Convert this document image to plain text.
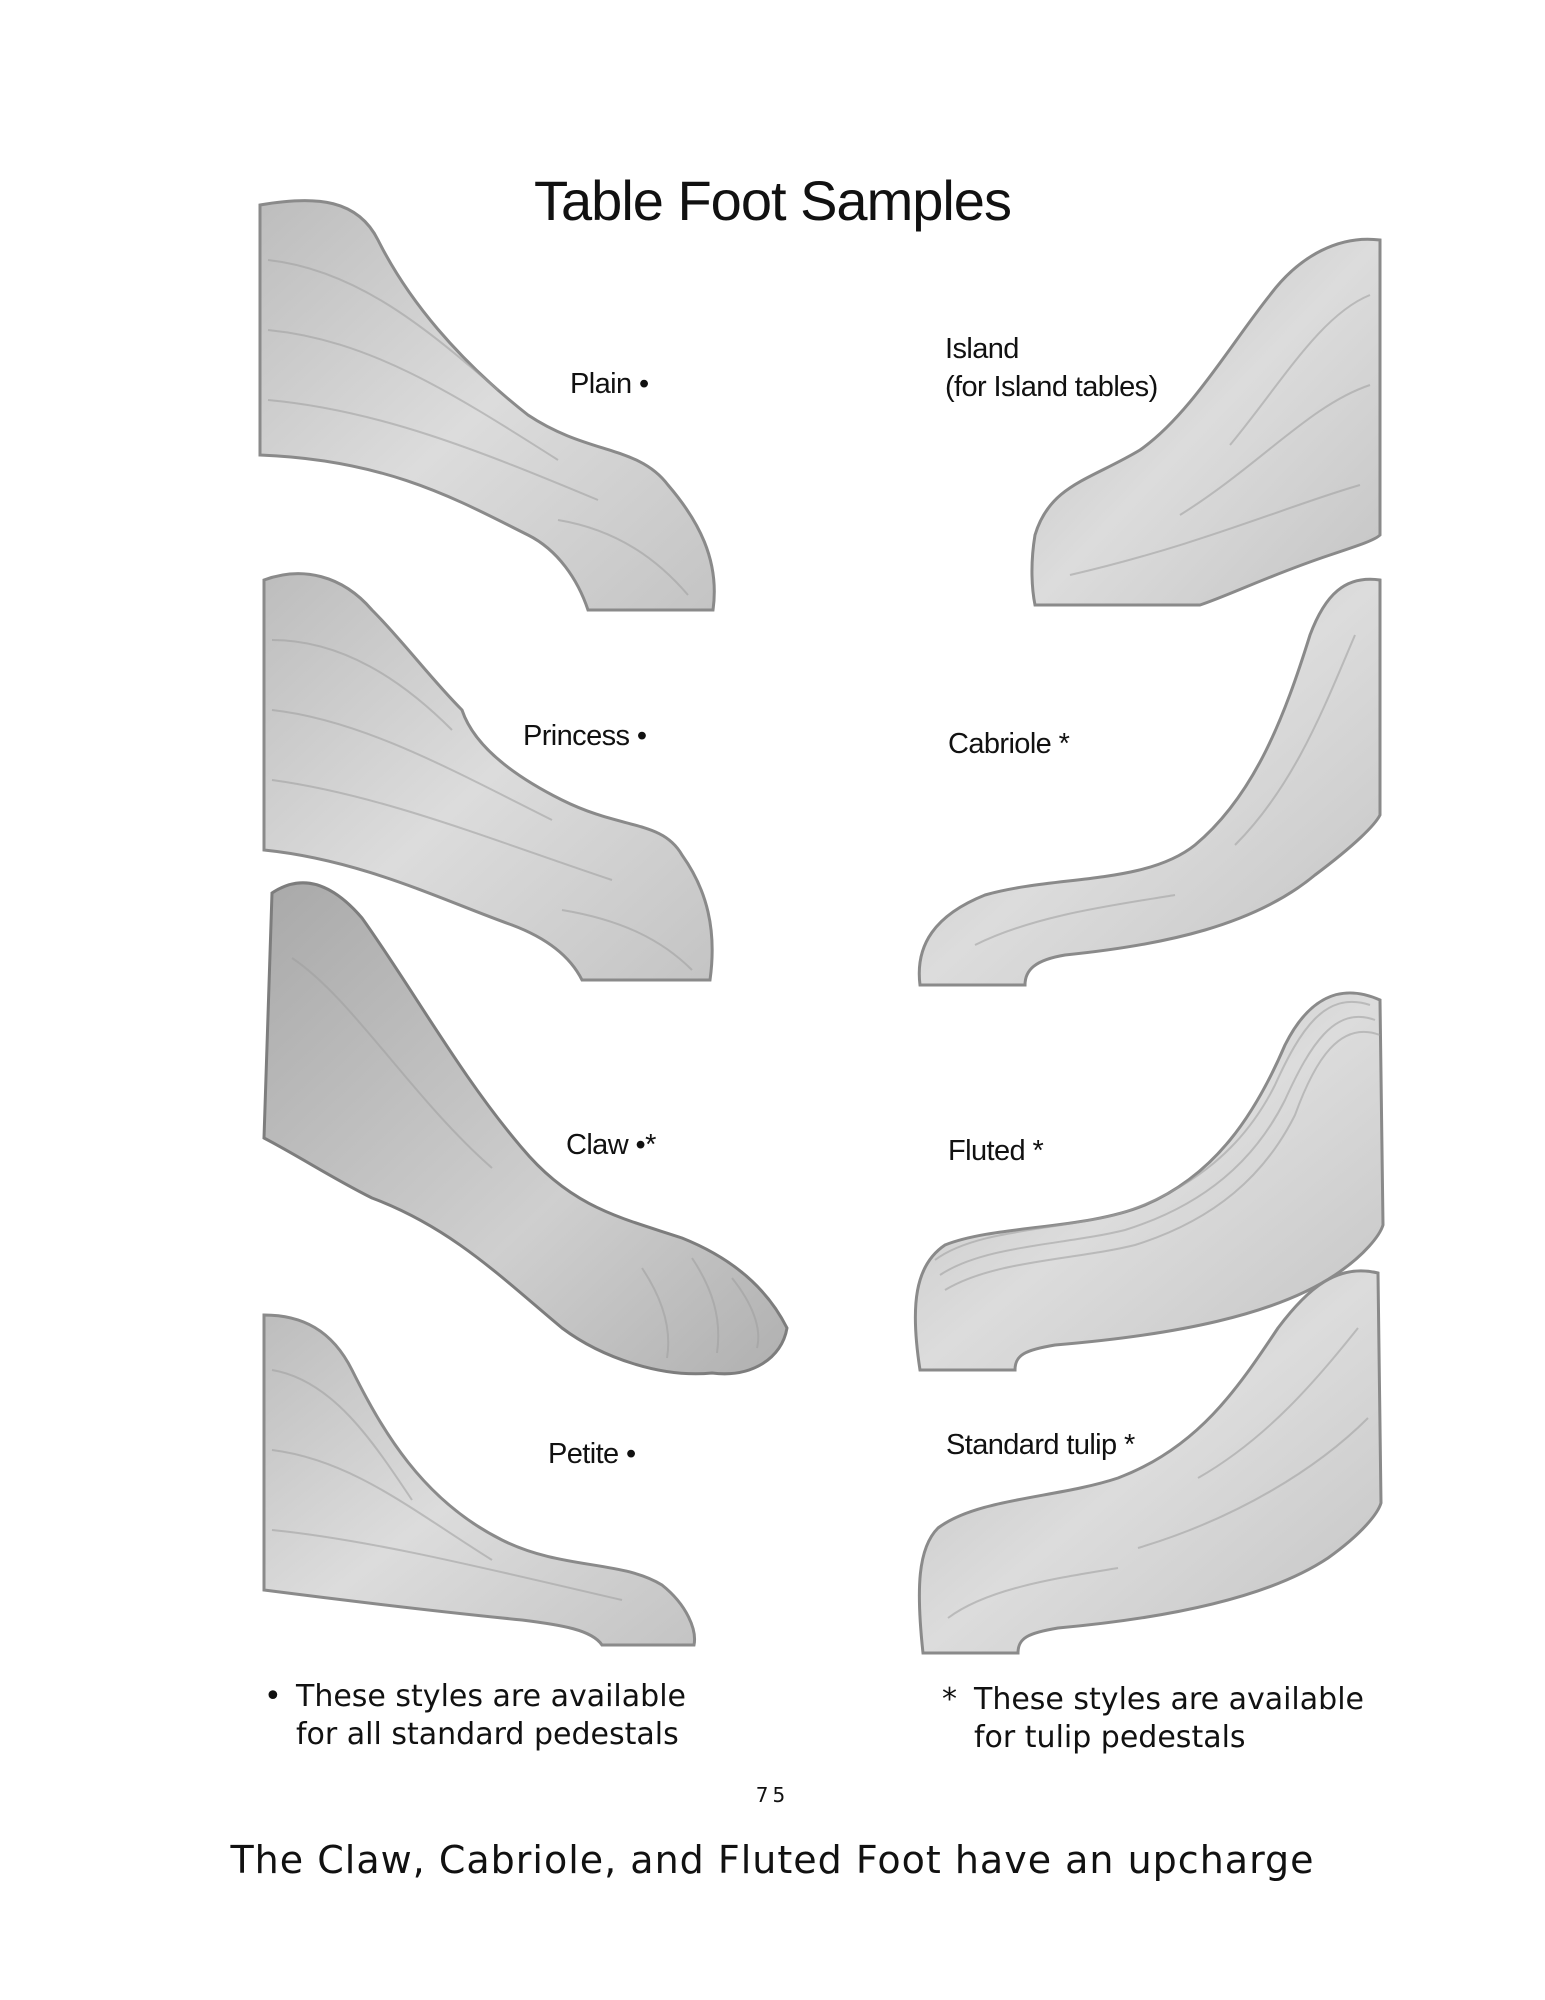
Table Foot Samples
Plain •
Princess •
Claw •*
Petite •
Island
(for Island tables)
Cabriole *
Fluted *
Standard tulip *
• These styles are available
for all standard pedestals
* These styles are available
for tulip pedestals
75
The Claw, Cabriole, and Fluted Foot have an upcharge
